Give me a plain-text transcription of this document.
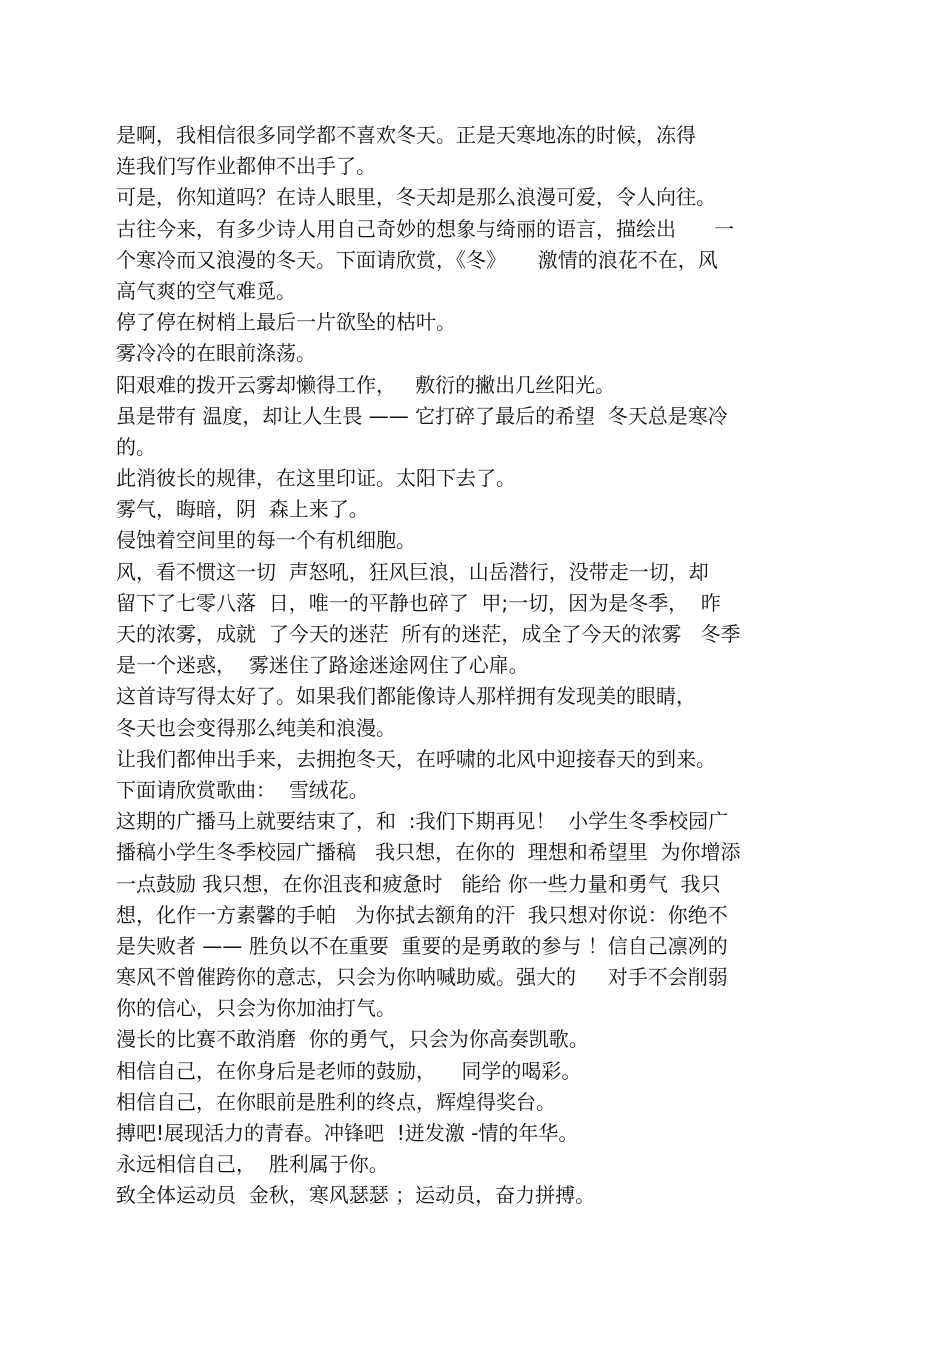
是啊，我相信很多同学都不喜欢冬天。正是天寒地冻的时候，冻得
连我们写作业都伸不出手了。
可是，你知道吗？在诗人眼里，冬天却是那么浪漫可爱，令人向往。
古往今来，有多少诗人用自己奇妙的想象与绮丽的语言，描绘出      一
个寒冷而又浪漫的冬天。下面请欣赏，《冬》     激情的浪花不在，风
高气爽的空气难觅。
停了停在树梢上最后一片欲坠的枯叶。
雾冷冷的在眼前涤荡。
阳艰难的拨开云雾却懒得工作，   敷衍的撇出几丝阳光。
虽是带有 温度，却让人生畏 —— 它打碎了最后的希望  冬天总是寒冷
的。
此消彼长的规律，在这里印证。太阳下去了。
雾气，晦暗，阴  森上来了。
侵蚀着空间里的每一个有机细胞。
风，看不惯这一切  声怒吼，狂风巨浪，山岳潜行，没带走一切，却
留下了七零八落  日，唯一的平静也碎了  甲;一切，因为是冬季，  昨
天的浓雾，成就  了今天的迷茫  所有的迷茫，成全了今天的浓雾   冬季
是一个迷惑，  雾迷住了路途迷途网住了心扉。
这首诗写得太好了。如果我们都能像诗人那样拥有发现美的眼睛，
冬天也会变得那么纯美和浪漫。
让我们都伸出手来，去拥抱冬天，在呼啸的北风中迎接春天的到来。
下面请欣赏歌曲：  雪绒花。
这期的广播马上就要结束了，和  :我们下期再见！  小学生冬季校园广
播稿小学生冬季校园广播稿   我只想，在你的  理想和希望里  为你增添
一点鼓励 我只想，在你沮丧和疲惫时   能给 你一些力量和勇气  我只
想，化作一方素馨的手帕   为你拭去额角的汗  我只想对你说：你绝不
是失败者 —— 胜负以不在重要  重要的是勇敢的参与 ！信自己凛冽的
寒风不曾催跨你的意志，只会为你呐喊助威。强大的     对手不会削弱
你的信心，只会为你加油打气。
漫长的比赛不敢消磨  你的勇气，只会为你高奏凯歌。
相信自己，在你身后是老师的鼓励，    同学的喝彩。
相信自己，在你眼前是胜利的终点，辉煌得奖台。
搏吧!展现活力的青春。冲锋吧  !迸发激 -情的年华。
永远相信自己，  胜利属于你。
致全体运动员  金秋，寒风瑟瑟 ；运动员，奋力拼搏。
